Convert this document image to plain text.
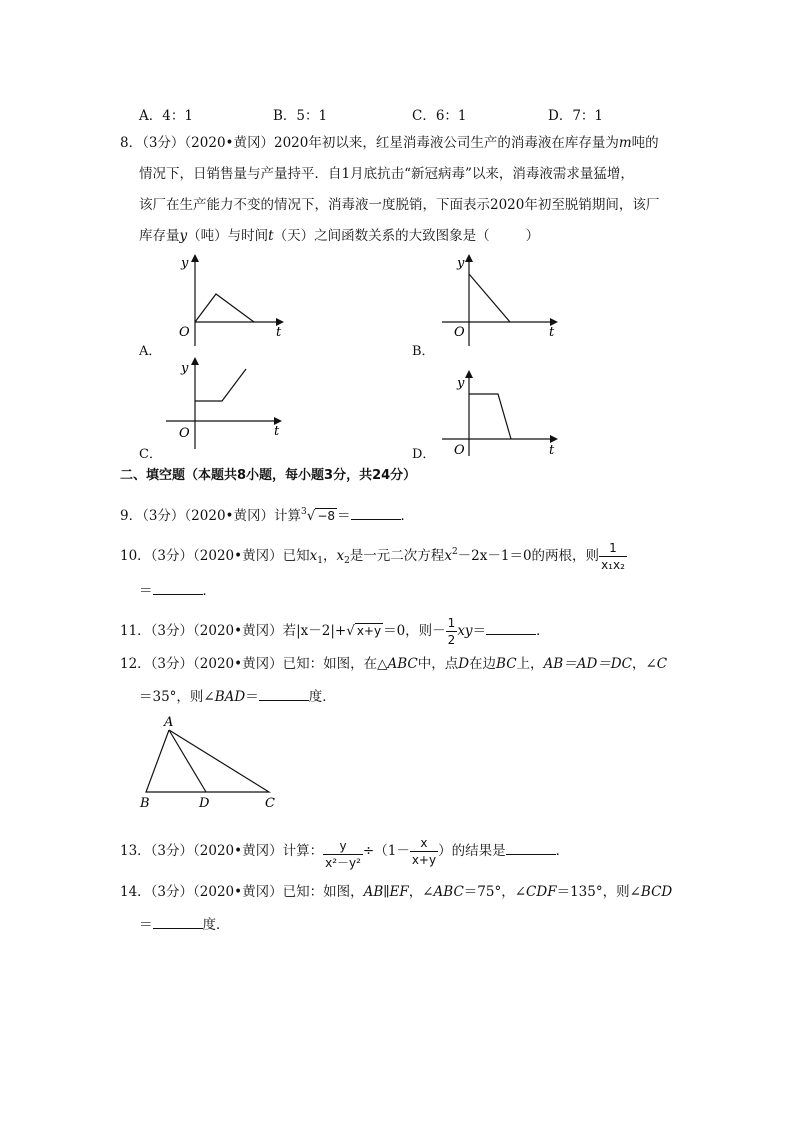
A．4：1	B．5：1	C．6：1	D．7：1
8．（3分）（2020•黄冈）2020年初以来，红星消毒液公司生产的消毒液在库存量为m吨的
情况下，日销售量与产量持平．自1月底抗击“新冠病毒”以来，消毒液需求量猛增，
该厂在生产能力不变的情况下，消毒液一度脱销，下面表示2020年初至脱销期间，该厂
库存量y（吨）与时间t（天）之间函数关系的大致图象是（	）
y
t
O
A．
y
t
O
B．
y
t
O
C．
y
t
O
D．
二、填空题（本题共8小题，每小题3分，共24分）
9．（3分）（2020•黄冈）计算$^3$√ −8 ＝	．
10．（3分）（2020•黄冈）已知$x_1$，$x_2$是一元二次方程$x^2-2x-1=0$的两根，则 $\frac{1}{\text{x₁x₂}}$
＝	．
11．（3分）（2020•黄冈）若|x－2|+√ x+y ＝0，则－ $\frac{1}{2} xy=$	．
12．（3分）（2020•黄冈）已知：如图，在△ABC中，点D在边BC上，AB＝AD＝DC，∠C
＝35°，则∠BAD＝	度．
A
B	D	C
13．（3分）（2020•黄冈）计算： $\frac{y}{\text{x²－y²}} \div(1- \frac{x}{x+y}$ ）的结果是	．
14．（3分）（2020•黄冈）已知：如图，AB∥EF，∠ABC＝75°，∠CDF＝135°，则∠BCD
＝	度．
